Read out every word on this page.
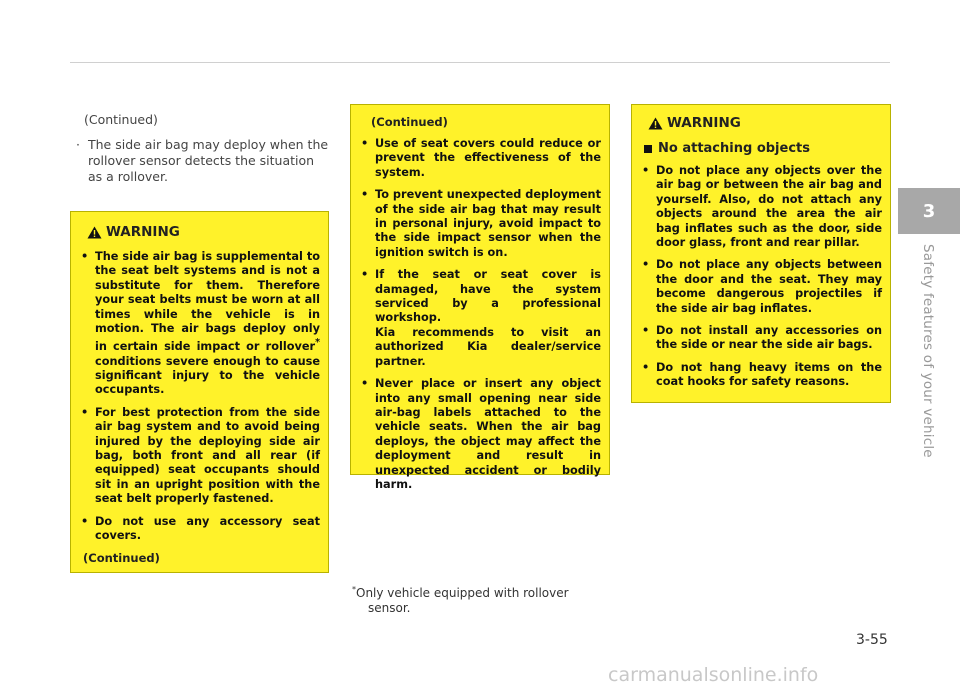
(Continued)
· The side air bag may deploy when the rollover sensor detects the situation as a rollover.
WARNING
• The side air bag is supplemental to the seat belt systems and is not a substitute for them. Therefore your seat belts must be worn at all times while the vehicle is in motion. The air bags deploy only in certain side impact or rollover* conditions severe enough to cause significant injury to the vehicle occupants.
• For best protection from the side air bag system and to avoid being injured by the deploying side air bag, both front and all rear (if equipped) seat occupants should sit in an upright position with the seat belt properly fastened.
• Do not use any accessory seat covers.
(Continued)
(Continued)
• Use of seat covers could reduce or prevent the effectiveness of the system.
• To prevent unexpected deployment of the side air bag that may result in personal injury, avoid impact to the side impact sensor when the ignition switch is on.
• If the seat or seat cover is damaged, have the system serviced by a professional workshop.
Kia recommends to visit an authorized Kia dealer/service partner.
• Never place or insert any object into any small opening near side air-bag labels attached to the vehicle seats. When the air bag deploys, the object may affect the deployment and result in unexpected accident or bodily harm.
WARNING
No attaching objects
• Do not place any objects over the air bag or between the air bag and yourself. Also, do not attach any objects around the area the air bag inflates such as the door, side door glass, front and rear pillar.
• Do not place any objects between the door and the seat. They may become dangerous projectiles if the side air bag inflates.
• Do not install any accessories on the side or near the side air bags.
• Do not hang heavy items on the coat hooks for safety reasons.
*Only vehicle equipped with rollover
sensor.
3
Safety features of your vehicle
3-55
carmanualsonline.info
